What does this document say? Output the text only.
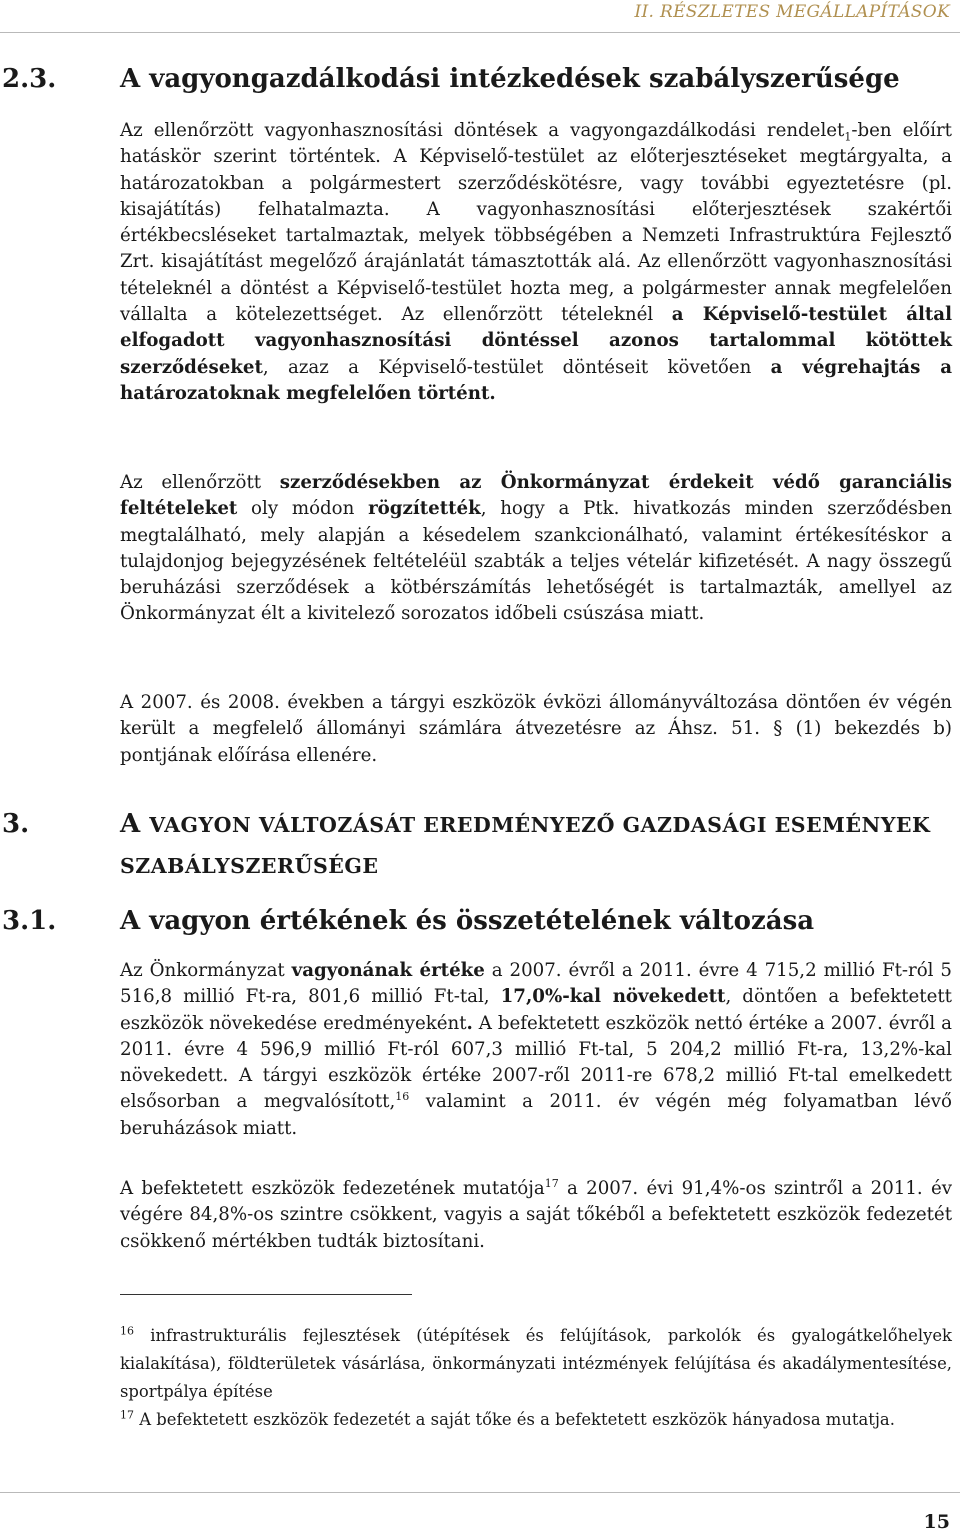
II. RÉSZLETES MEGÁLLAPÍTÁSOK
2.3. A vagyongazdálkodási intézkedések szabályszerűsége
Az ellenőrzött vagyonhasznosítási döntések a vagyongazdálkodási rendelet$_1$-ben előírt hatáskör szerint történtek. A Képviselő-testület az előterjesztéseket megtárgyalta, a határozatokban a polgármestert szerződéskötésre, vagy további egyeztetésre (pl. kisajátítás) felhatalmazta. A vagyonhasznosítási előterjesztések szakértői értékbecsléseket tartalmaztak, melyek többségében a Nemzeti Infrastruktúra Fejlesztő Zrt. kisajátítást megelőző árajánlatát támasztották alá. Az ellenőrzött vagyonhasznosítási tételeknél a döntést a Képviselő-testület hozta meg, a polgármester annak megfelelően vállalta a kötelezettséget. Az ellenőrzött tételeknél a Képviselő-testület által elfogadott vagyonhasznosítási döntéssel azonos tartalommal kötöttek szerződéseket, azaz a Képviselő-testület döntéseit követően a végrehajtás a határozatoknak megfelelően történt.
Az ellenőrzött szerződésekben az Önkormányzat érdekeit védő garanciális feltételeket oly módon rögzítették, hogy a Ptk. hivatkozás minden szerződésben megtalálható, mely alapján a késedelem szankcionálható, valamint értékesítéskor a tulajdonjog bejegyzésének feltételéül szabták a teljes vételár kifizetését. A nagy összegű beruházási szerződések a kötbérszámítás lehetőségét is tartalmazták, amellyel az Önkormányzat élt a kivitelező sorozatos időbeli csúszása miatt.
A 2007. és 2008. években a tárgyi eszközök évközi állományváltozása döntően év végén került a megfelelő állományi számlára átvezetésre az Áhsz. 51. § (1) bekezdés b) pontjának előírása ellenére.
3.	A VAGYON VÁLTOZÁSÁT EREDMÉNYEZŐ GAZDASÁGI ESEMÉNYEK
SZABÁLYSZERŰSÉGE
3.1. A vagyon értékének és összetételének változása
Az Önkormányzat vagyonának értéke a 2007. évről a 2011. évre 4 715,2 millió Ft-ról 5 516,8 millió Ft-ra, 801,6 millió Ft-tal, 17,0%-kal növekedett, döntően a befektetett eszközök növekedése eredményeként. A befektetett eszközök nettó értéke a 2007. évről a 2011. évre 4 596,9 millió Ft-ról 607,3 millió Ft-tal, 5 204,2 millió Ft-ra, 13,2%-kal növekedett. A tárgyi eszközök értéke 2007-ről 2011-re 678,2 millió Ft-tal emelkedett elsősorban a megvalósított,$^{16}$ valamint a 2011. év végén még folyamatban lévő beruházások miatt.
A befektetett eszközök fedezetének mutatója$^{17}$ a 2007. évi 91,4%-os szintről a 2011. év végére 84,8%-os szintre csökkent, vagyis a saját tőkéből a befektetett eszközök fedezetét csökkenő mértékben tudták biztosítani.
$^{16}$ infrastrukturális fejlesztések (útépítések és felújítások, parkolók és gyalogátkelőhelyek kialakítása), földterületek vásárlása, önkormányzati intézmények felújítása és akadálymentesítése, sportpálya építése
$^{17}$ A befektetett eszközök fedezetét a saját tőke és a befektetett eszközök hányadosa mutatja.
15
